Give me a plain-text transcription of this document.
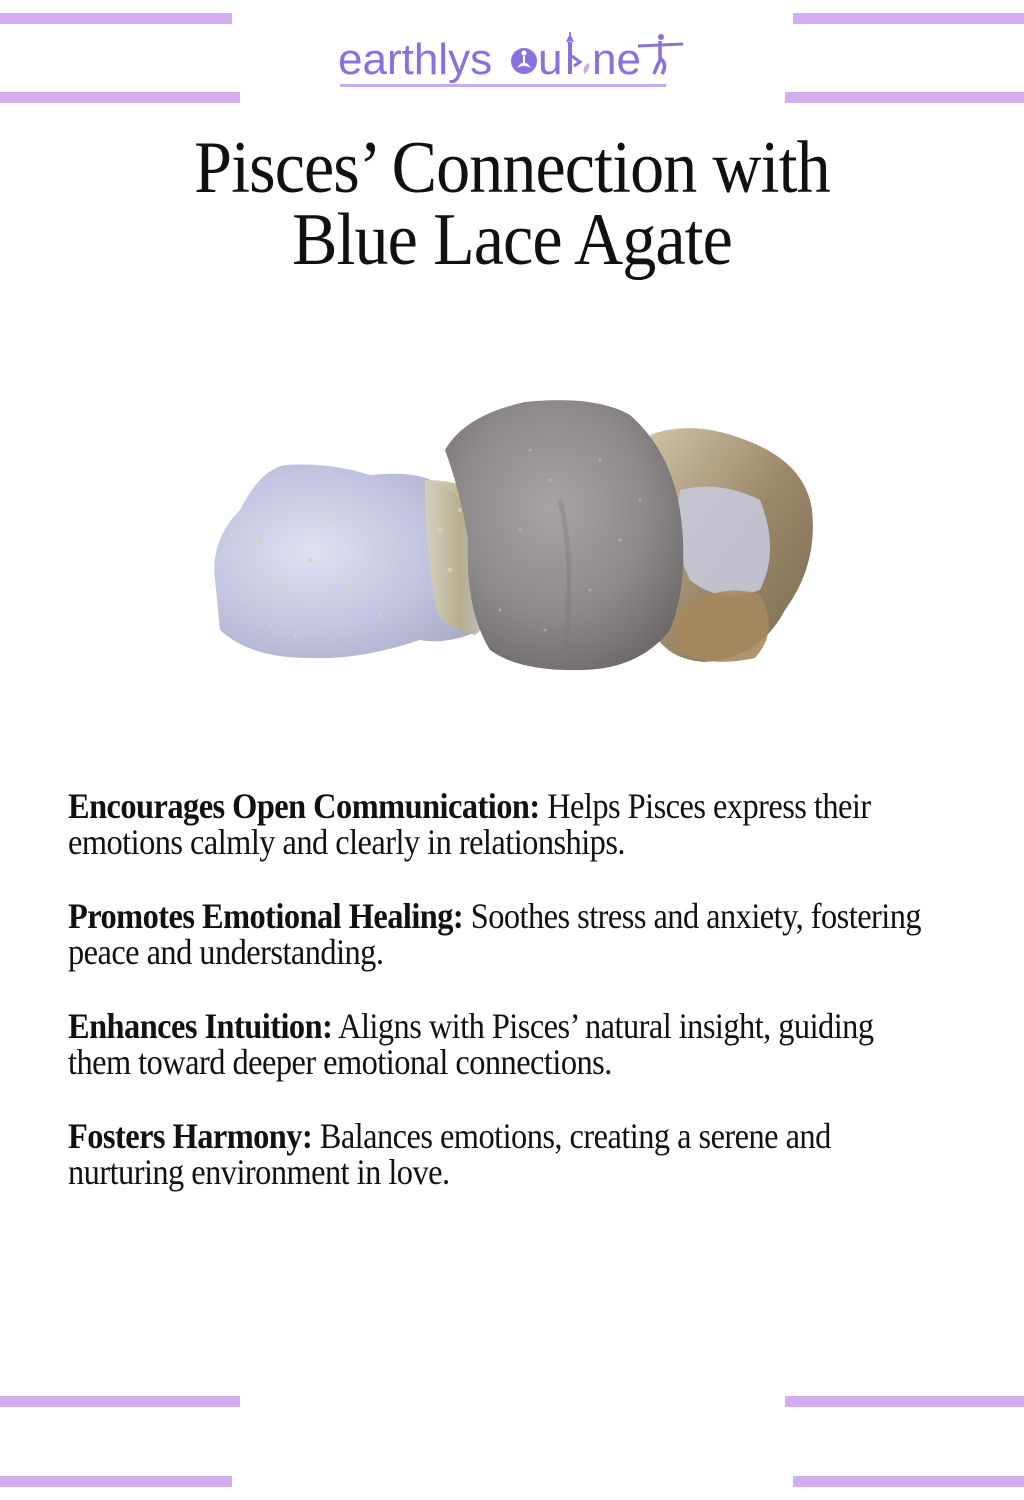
earthlys u ne
Pisces’ Connection with
Blue Lace Agate

Encourages Open Communication: Helps Pisces express their emotions calmly and clearly in relationships.

Promotes Emotional Healing: Soothes stress and anxiety, fostering peace and understanding.

Enhances Intuition: Aligns with Pisces’ natural insight, guiding them toward deeper emotional connections.

Fosters Harmony: Balances emotions, creating a serene and nurturing environment in love.
